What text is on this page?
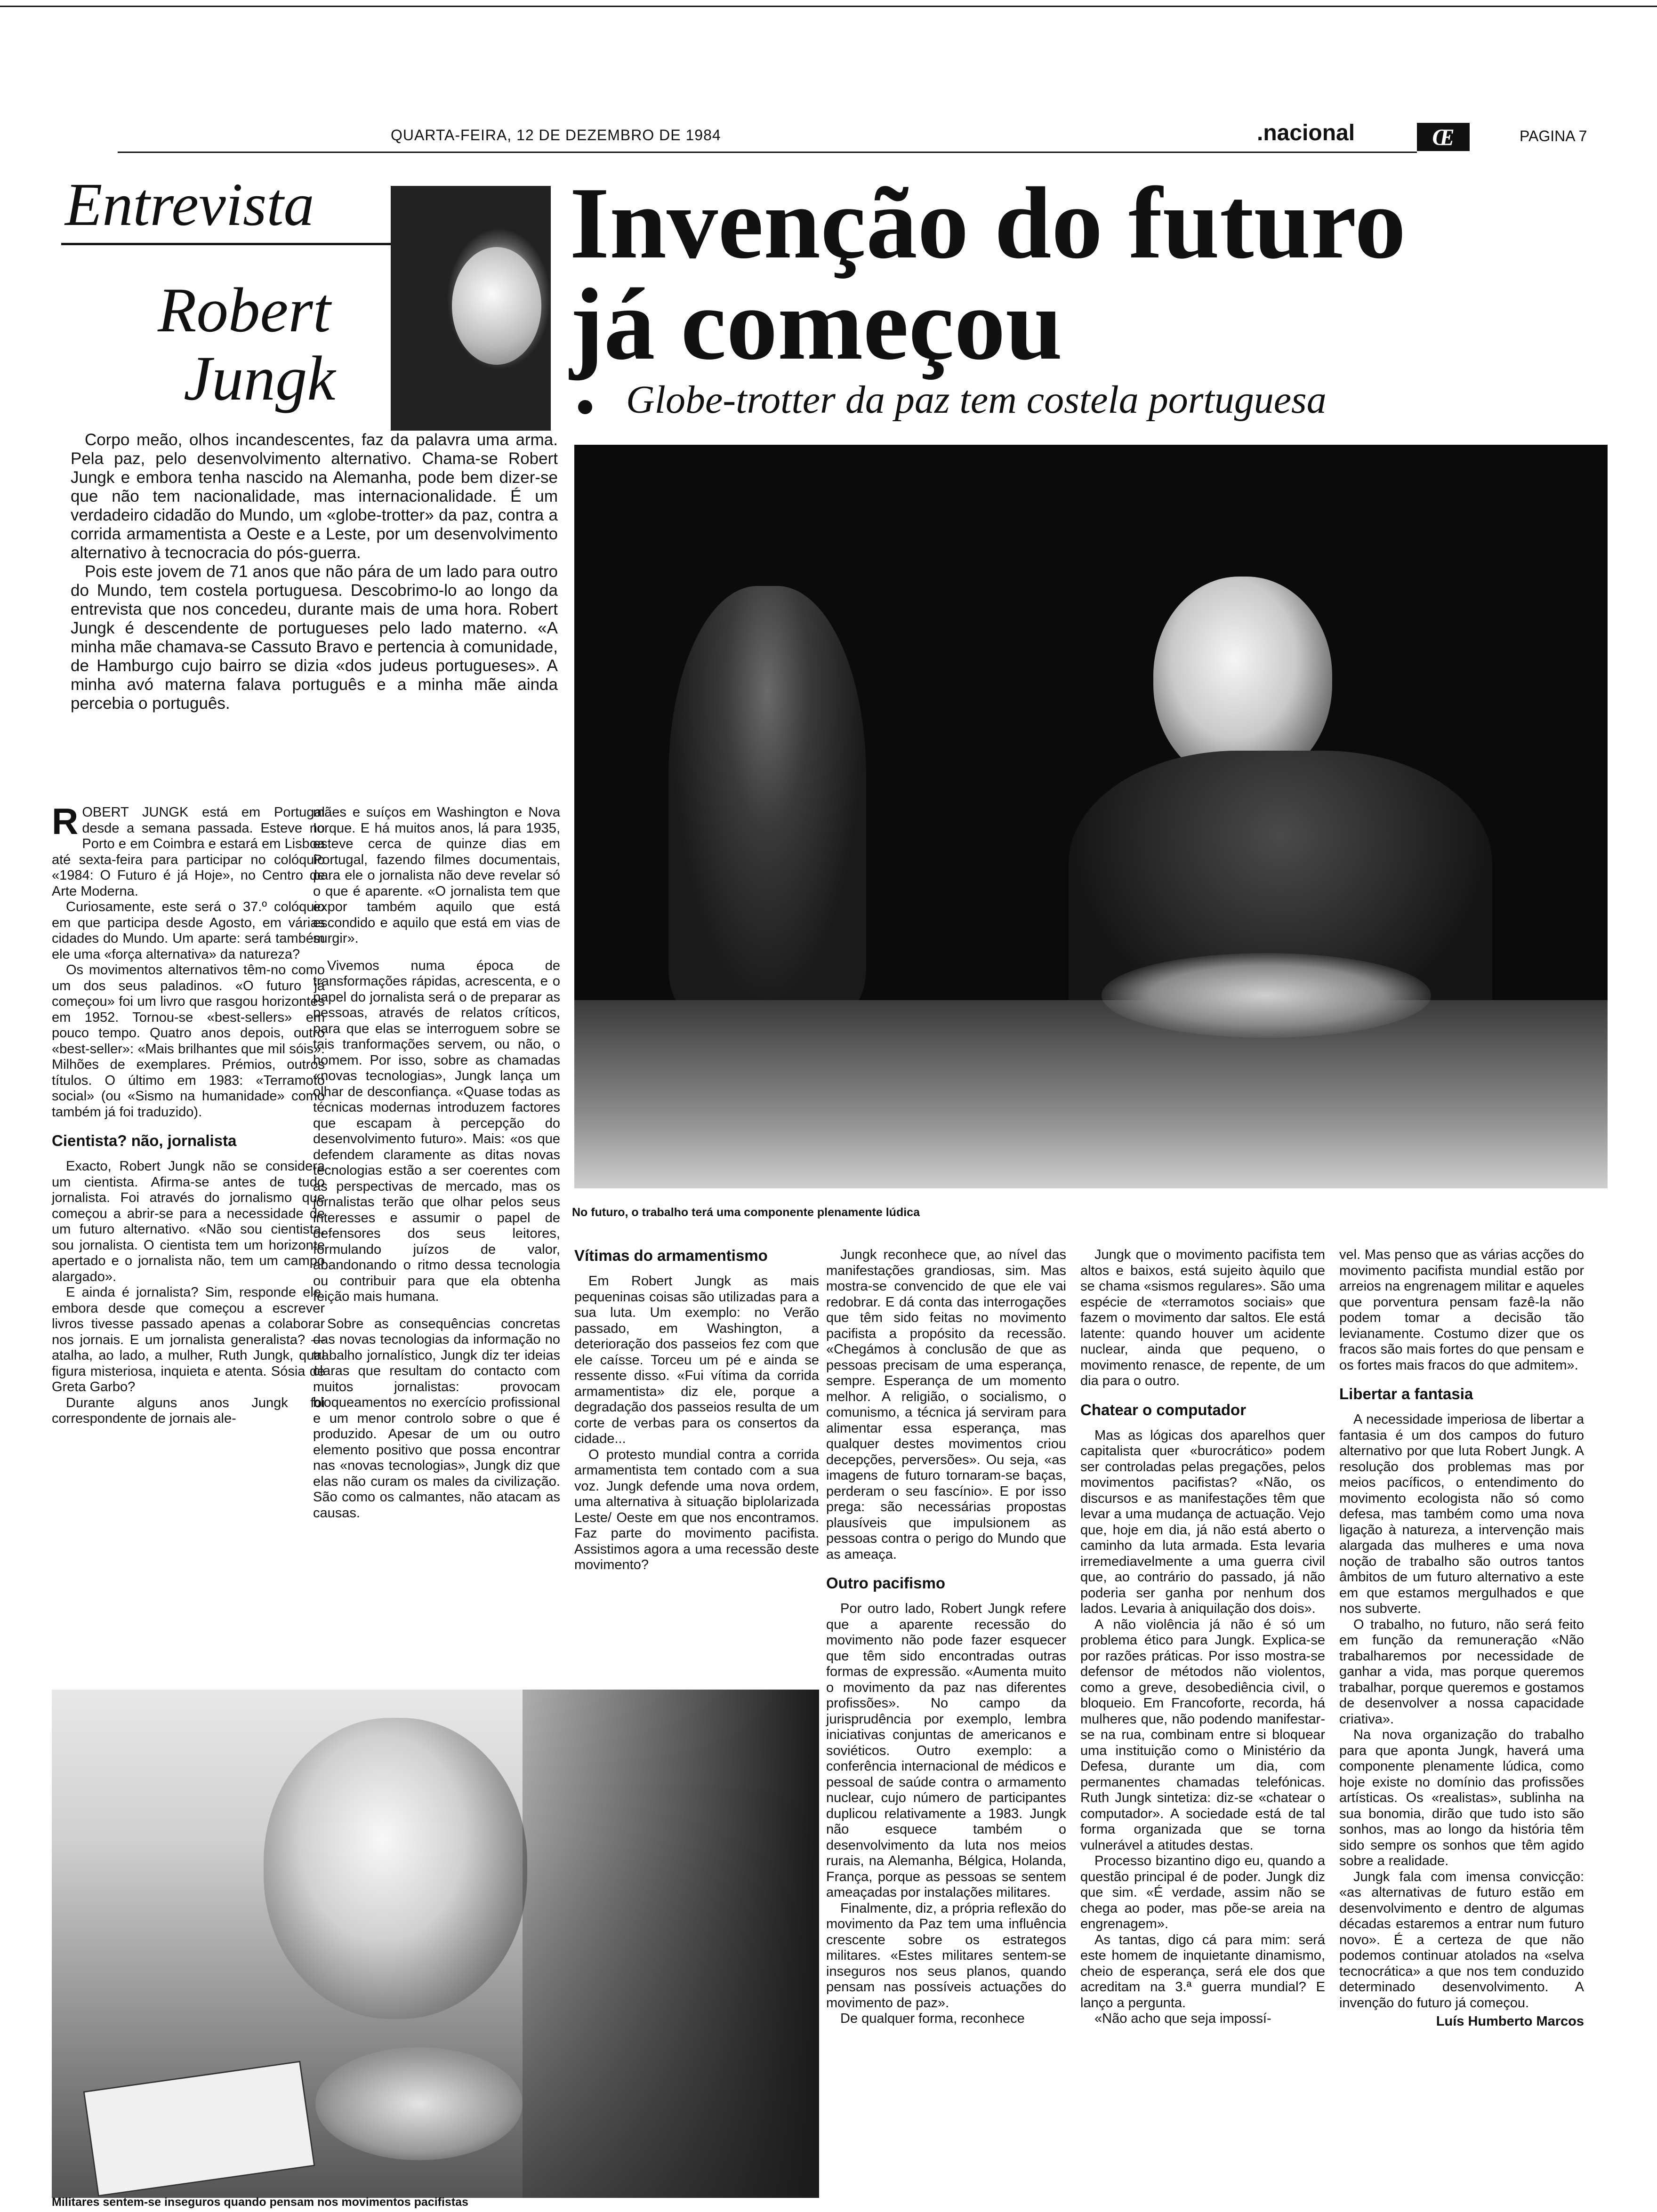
QUARTA-FEIRA, 12 DE DEZEMBRO DE 1984	.nacional	Œ	PAGINA 7
Entrevista
Robert
Jungk
Invenção do futuro
já começou
Globe-trotter da paz tem costela portuguesa

Corpo meão, olhos incandescentes, faz da palavra uma arma. Pela paz, pelo desenvolvimento alternativo. Chama-se Robert Jungk e embora tenha nascido na Alemanha, pode bem dizer-se que não tem nacionalidade, mas internacionalidade. É um verdadeiro cidadão do Mundo, um «globe-trotter» da paz, contra a corrida armamentista a Oeste e a Leste, por um desenvolvimento alternativo à tecnocracia do pós-guerra.

Pois este jovem de 71 anos que não pára de um lado para outro do Mundo, tem costela portuguesa. Descobrimo-lo ao longo da entrevista que nos concedeu, durante mais de uma hora. Robert Jungk é descendente de portugueses pelo lado materno. «A minha mãe chamava-se Cassuto Bravo e pertencia à comunidade, de Hamburgo cujo bairro se dizia «dos judeus portugueses». A minha avó materna falava português e a minha mãe ainda percebia o português.

No futuro, o trabalho terá uma componente plenamente lúdica

ROBERT JUNGK está em Portugal desde a semana passada. Esteve no Porto e em Coimbra e estará em Lisboa até sexta-feira para participar no colóquio «1984: O Futuro é já Hoje», no Centro de Arte Moderna.

Curiosamente, este será o 37.º colóquio em que participa desde Agosto, em várias cidades do Mundo. Um aparte: será também ele uma «força alternativa» da natureza?

Os movimentos alternativos têm-no como um dos seus paladinos. «O futuro já começou» foi um livro que rasgou horizontes em 1952. Tornou-se «best-sellers» em pouco tempo. Quatro anos depois, outro «best-seller»: «Mais brilhantes que mil sóis». Milhões de exemplares. Prémios, outros títulos. O último em 1983: «Terramoto social» (ou «Sismo na humanidade» como também já foi traduzido).

Cientista? não, jornalista

Exacto, Robert Jungk não se considera um cientista. Afirma-se antes de tudo jornalista. Foi através do jornalismo que começou a abrir-se para a necessidade de um futuro alternativo. «Não sou cientista, sou jornalista. O cientista tem um horizonte apertado e o jornalista não, tem um campo alargado».

E ainda é jornalista? Sim, responde ele, embora desde que começou a escrever livros tivesse passado apenas a colaborar nos jornais. E um jornalista generalista? — atalha, ao lado, a mulher, Ruth Jungk, qual figura misteriosa, inquieta e atenta. Sósia de Greta Garbo?

Durante alguns anos Jungk foi correspondente de jornais ale-

mães e suíços em Washington e Nova Iorque. E há muitos anos, lá para 1935, esteve cerca de quinze dias em Portugal, fazendo filmes documentais, para ele o jornalista não deve revelar só o que é aparente. «O jornalista tem que expor também aquilo que está escondido e aquilo que está em vias de surgir».

Vivemos numa época de transformações rápidas, acrescenta, e o papel do jornalista será o de preparar as pessoas, através de relatos críticos, para que elas se interroguem sobre se tais tranformações servem, ou não, o homem. Por isso, sobre as chamadas «novas tecnologias», Jungk lança um olhar de desconfiança. «Quase todas as técnicas modernas introduzem factores que escapam à percepção do desenvolvimento futuro». Mais: «os que defendem claramente as ditas novas tecnologias estão a ser coerentes com as perspectivas de mercado, mas os jornalistas terão que olhar pelos seus interesses e assumir o papel de defensores dos seus leitores, formulando juízos de valor, abandonando o ritmo dessa tecnologia ou contribuir para que ela obtenha feição mais humana.

Sobre as consequências concretas das novas tecnologias da informação no trabalho jornalístico, Jungk diz ter ideias claras que resultam do contacto com muitos jornalistas: provocam bloqueamentos no exercício profissional e um menor controlo sobre o que é produzido. Apesar de um ou outro elemento positivo que possa encontrar nas «novas tecnologias», Jungk diz que elas não curam os males da civilização. São como os calmantes, não atacam as causas.

Vítimas do armamentismo

Em Robert Jungk as mais pequeninas coisas são utilizadas para a sua luta. Um exemplo: no Verão passado, em Washington, a deterioração dos passeios fez com que ele caísse. Torceu um pé e ainda se ressente disso. «Fui vítima da corrida armamentista» diz ele, porque a degradação dos passeios resulta de um corte de verbas para os consertos da cidade...

O protesto mundial contra a corrida armamentista tem contado com a sua voz. Jungk defende uma nova ordem, uma alternativa à situação biplolarizada Leste/ Oeste em que nos encontramos. Faz parte do movimento pacifista. Assistimos agora a uma recessão deste movimento?

Jungk reconhece que, ao nível das manifestações grandiosas, sim. Mas mostra-se convencido de que ele vai redobrar. E dá conta das interrogações que têm sido feitas no movimento pacifista a propósito da recessão. «Chegámos à conclusão de que as pessoas precisam de uma esperança, sempre. Esperança de um momento melhor. A religião, o socialismo, o comunismo, a técnica já serviram para alimentar essa esperança, mas qualquer destes movimentos criou decepções, perversões». Ou seja, «as imagens de futuro tornaram-se baças, perderam o seu fascínio». E por isso prega: são necessárias propostas plausíveis que impulsionem as pessoas contra o perigo do Mundo que as ameaça.

Outro pacifismo

Por outro lado, Robert Jungk refere que a aparente recessão do movimento não pode fazer esquecer que têm sido encontradas outras formas de expressão. «Aumenta muito o movimento da paz nas diferentes profissões». No campo da jurisprudência por exemplo, lembra iniciativas conjuntas de americanos e soviéticos. Outro exemplo: a conferência internacional de médicos e pessoal de saúde contra o armamento nuclear, cujo número de participantes duplicou relativamente a 1983. Jungk não esquece também o desenvolvimento da luta nos meios rurais, na Alemanha, Bélgica, Holanda, França, porque as pessoas se sentem ameaçadas por instalações militares.

Finalmente, diz, a própria reflexão do movimento da Paz tem uma influência crescente sobre os estrategos militares. «Estes militares sentem-se inseguros nos seus planos, quando pensam nas possíveis actuações do movimento de paz».

De qualquer forma, reconhece

Jungk que o movimento pacifista tem altos e baixos, está sujeito àquilo que se chama «sismos regulares». São uma espécie de «terramotos sociais» que fazem o movimento dar saltos. Ele está latente: quando houver um acidente nuclear, ainda que pequeno, o movimento renasce, de repente, de um dia para o outro.

Chatear o computador

Mas as lógicas dos aparelhos quer capitalista quer «burocrático» podem ser controladas pelas pregações, pelos movimentos pacifistas? «Não, os discursos e as manifestações têm que levar a uma mudança de actuação. Vejo que, hoje em dia, já não está aberto o caminho da luta armada. Esta levaria irremediavelmente a uma guerra civil que, ao contrário do passado, já não poderia ser ganha por nenhum dos lados. Levaria à aniquilação dos dois».

A não violência já não é só um problema ético para Jungk. Explica-se por razões práticas. Por isso mostra-se defensor de métodos não violentos, como a greve, desobediência civil, o bloqueio. Em Francoforte, recorda, há mulheres que, não podendo manifestar-se na rua, combinam entre si bloquear uma instituição como o Ministério da Defesa, durante um dia, com permanentes chamadas telefónicas. Ruth Jungk sintetiza: diz-se «chatear o computador». A sociedade está de tal forma organizada que se torna vulnerável a atitudes destas.

Processo bizantino digo eu, quando a questão principal é de poder. Jungk diz que sim. «É verdade, assim não se chega ao poder, mas põe-se areia na engrenagem».

As tantas, digo cá para mim: será este homem de inquietante dinamismo, cheio de esperança, será ele dos que acreditam na 3.ª guerra mundial? E lanço a pergunta.

«Não acho que seja impossí-

vel. Mas penso que as várias acções do movimento pacifista mundial estão por arreios na engrenagem militar e aqueles que porventura pensam fazê-la não podem tomar a decisão tão levianamente. Costumo dizer que os fracos são mais fortes do que pensam e os fortes mais fracos do que admitem».

Libertar a fantasia

A necessidade imperiosa de libertar a fantasia é um dos campos do futuro alternativo por que luta Robert Jungk. A resolução dos problemas mas por meios pacíficos, o entendimento do movimento ecologista não só como defesa, mas também como uma nova ligação à natureza, a intervenção mais alargada das mulheres e uma nova noção de trabalho são outros tantos âmbitos de um futuro alternativo a este em que estamos mergulhados e que nos subverte.

O trabalho, no futuro, não será feito em função da remuneração «Não trabalharemos por necessidade de ganhar a vida, mas porque queremos trabalhar, porque queremos e gostamos de desenvolver a nossa capacidade criativa».

Na nova organização do trabalho para que aponta Jungk, haverá uma componente plenamente lúdica, como hoje existe no domínio das profissões artísticas. Os «realistas», sublinha na sua bonomia, dirão que tudo isto são sonhos, mas ao longo da história têm sido sempre os sonhos que têm agido sobre a realidade.

Jungk fala com imensa convicção: «as alternativas de futuro estão em desenvolvimento e dentro de algumas décadas estaremos a entrar num futuro novo». É a certeza de que não podemos continuar atolados na «selva tecnocrática» a que nos tem conduzido determinado desenvolvimento. A invenção do futuro já começou.

Luís Humberto Marcos

Militares sentem-se inseguros quando pensam nos movimentos pacifistas
